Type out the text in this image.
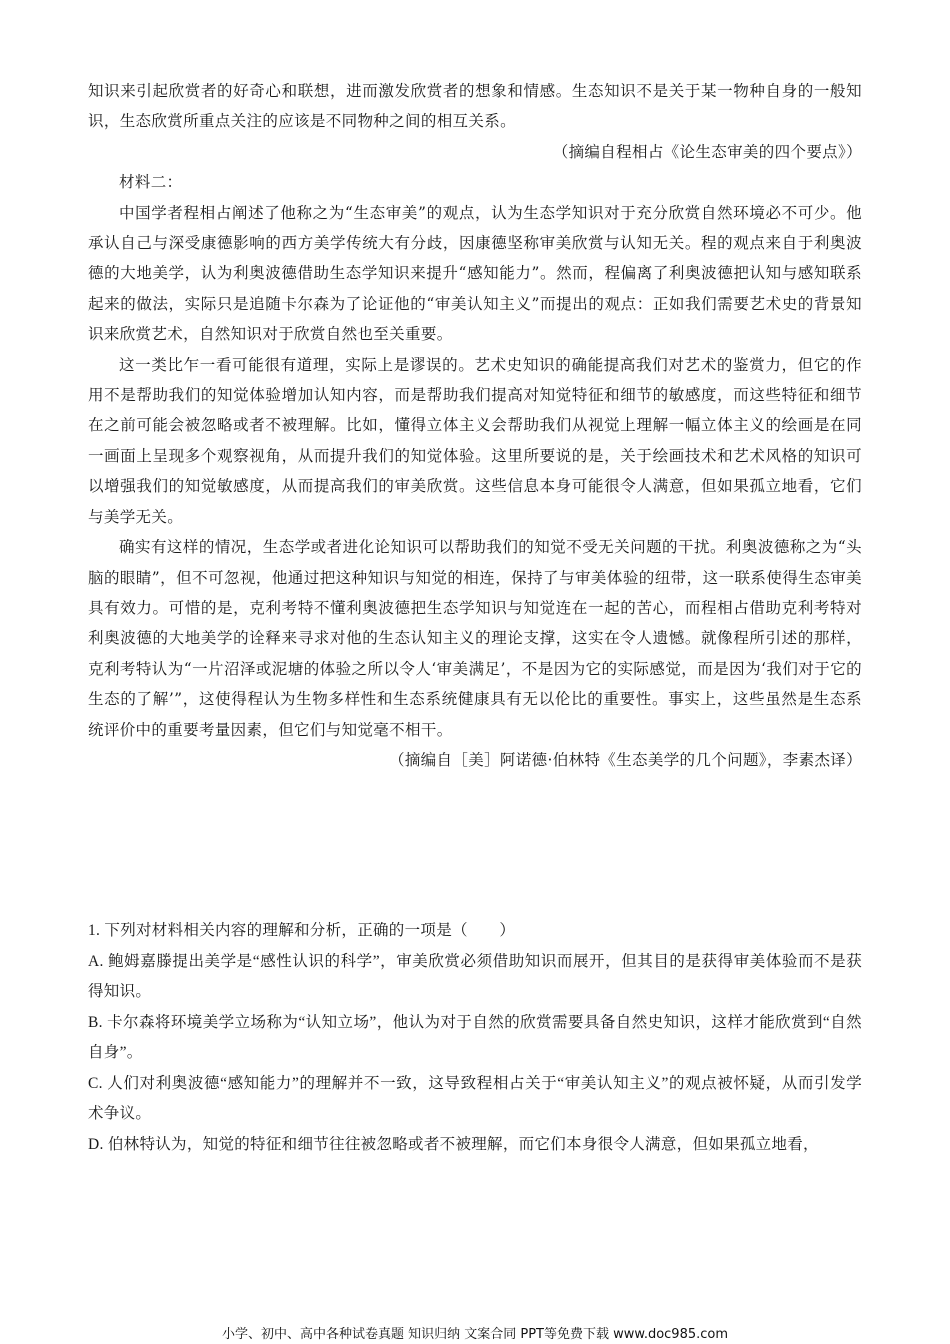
知识来引起欣赏者的好奇心和联想，进而激发欣赏者的想象和情感。生态知识不是关于某一物种自身的一般知识，生态欣赏所重点关注的应该是不同物种之间的相互关系。

（摘编自程相占《论生态审美的四个要点》）

材料二：

中国学者程相占阐述了他称之为“生态审美”的观点，认为生态学知识对于充分欣赏自然环境必不可少。他承认自己与深受康德影响的西方美学传统大有分歧，因康德坚称审美欣赏与认知无关。程的观点来自于利奥波德的大地美学，认为利奥波德借助生态学知识来提升“感知能力”。然而，程偏离了利奥波德把认知与感知联系起来的做法，实际只是追随卡尔森为了论证他的“审美认知主义”而提出的观点：正如我们需要艺术史的背景知识来欣赏艺术，自然知识对于欣赏自然也至关重要。

这一类比乍一看可能很有道理，实际上是谬误的。艺术史知识的确能提高我们对艺术的鉴赏力，但它的作用不是帮助我们的知觉体验增加认知内容，而是帮助我们提高对知觉特征和细节的敏感度，而这些特征和细节在之前可能会被忽略或者不被理解。比如，懂得立体主义会帮助我们从视觉上理解一幅立体主义的绘画是在同一画面上呈现多个观察视角，从而提升我们的知觉体验。这里所要说的是，关于绘画技术和艺术风格的知识可以增强我们的知觉敏感度，从而提高我们的审美欣赏。这些信息本身可能很令人满意，但如果孤立地看，它们与美学无关。

确实有这样的情况，生态学或者进化论知识可以帮助我们的知觉不受无关问题的干扰。利奥波德称之为“头脑的眼睛”，但不可忽视，他通过把这种知识与知觉的相连，保持了与审美体验的纽带，这一联系使得生态审美具有效力。可惜的是，克利考特不懂利奥波德把生态学知识与知觉连在一起的苦心，而程相占借助克利考特对利奥波德的大地美学的诠释来寻求对他的生态认知主义的理论支撑，这实在令人遗憾。就像程所引述的那样，克利考特认为“一片沼泽或泥塘的体验之所以令人‘审美满足’，不是因为它的实际感觉，而是因为‘我们对于它的生态的了解’”，这使得程认为生物多样性和生态系统健康具有无以伦比的重要性。事实上，这些虽然是生态系统评价中的重要考量因素，但它们与知觉毫不相干。

（摘编自［美］阿诺德·伯林特《生态美学的几个问题》，李素杰译）

1. 下列对材料相关内容的理解和分析，正确的一项是（　　）

A. 鲍姆嘉滕提出美学是“感性认识的科学”，审美欣赏必须借助知识而展开，但其目的是获得审美体验而不是获得知识。

B. 卡尔森将环境美学立场称为“认知立场”，他认为对于自然的欣赏需要具备自然史知识，这样才能欣赏到“自然自身”。

C. 人们对利奥波德“感知能力”的理解并不一致，这导致程相占关于“审美认知主义”的观点被怀疑，从而引发学术争议。

D. 伯林特认为，知觉的特征和细节往往被忽略或者不被理解，而它们本身很令人满意，但如果孤立地看，

小学、初中、高中各种试卷真题 知识归纳 文案合同 PPT等免费下载 www.doc985.com
